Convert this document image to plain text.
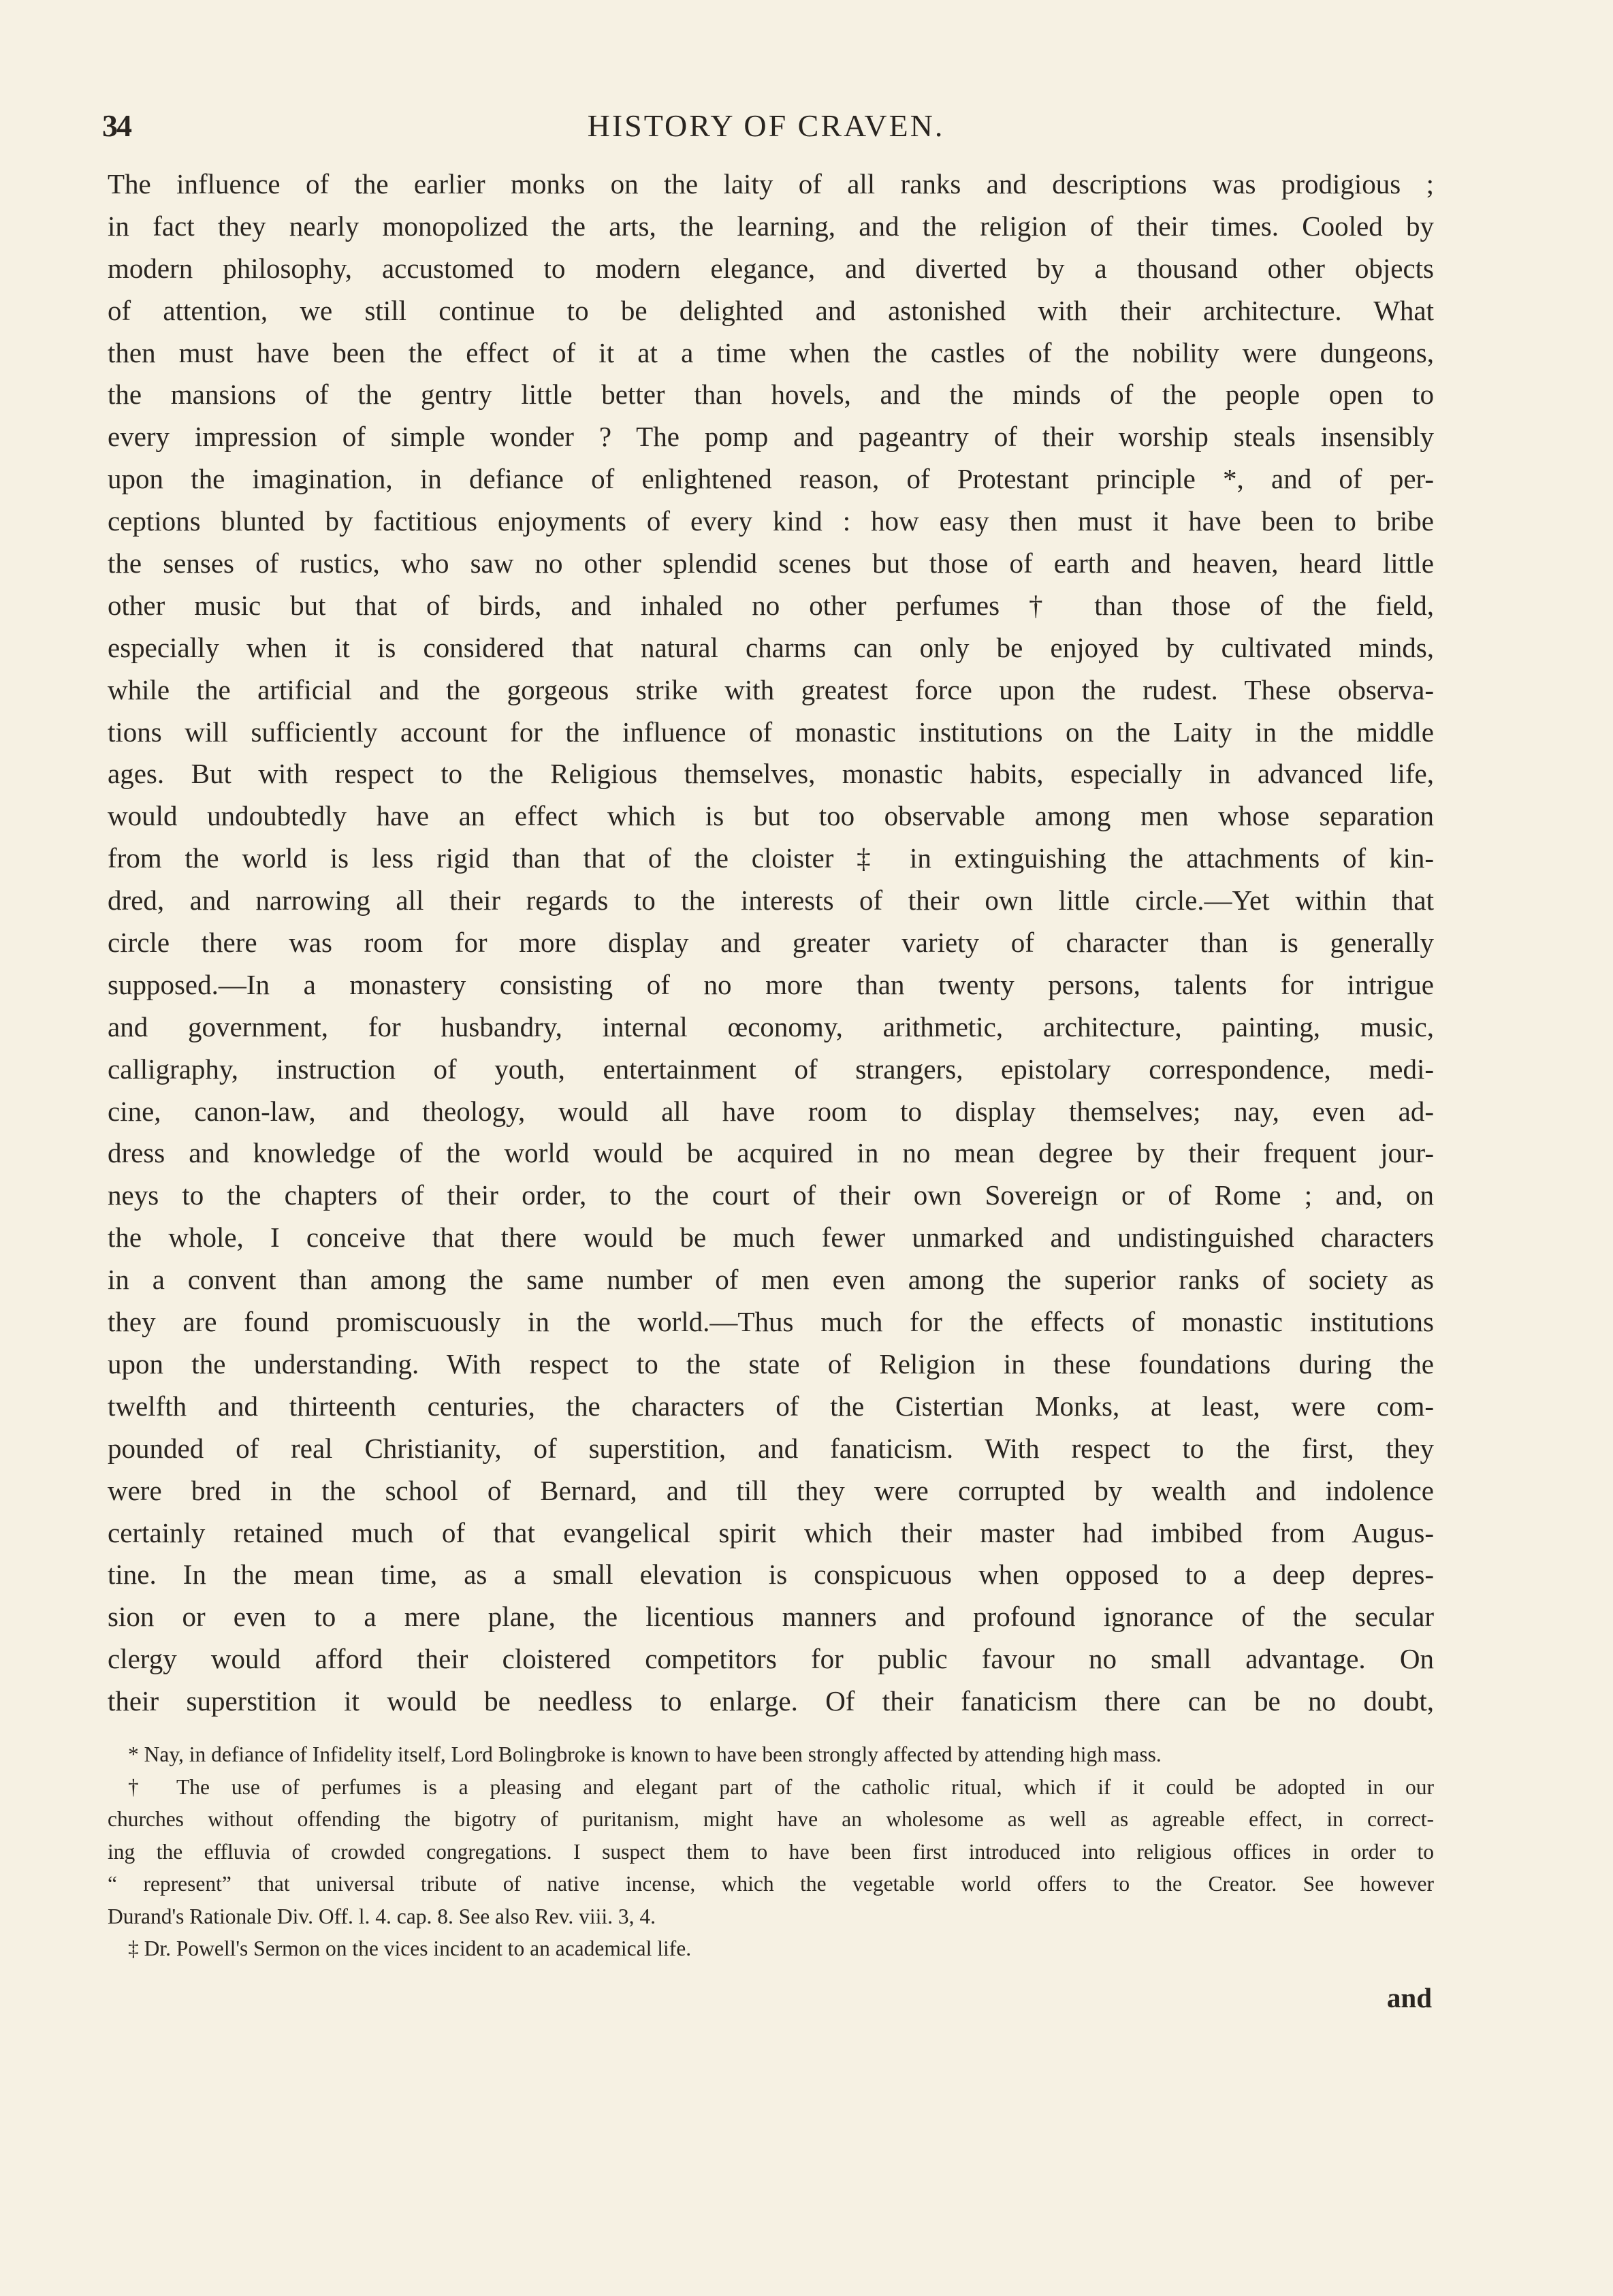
34	HISTORY OF CRAVEN.
The influence of the earlier monks on the laity of all ranks and descriptions was prodigious ;
in fact they nearly monopolized the arts, the learning, and the religion of their times. Cooled by
modern philosophy, accustomed to modern elegance, and diverted by a thousand other objects
of attention, we still continue to be delighted and astonished with their architecture. What
then must have been the effect of it at a time when the castles of the nobility were dungeons,
the mansions of the gentry little better than hovels, and the minds of the people open to
every impression of simple wonder ? The pomp and pageantry of their worship steals insensibly
upon the imagination, in defiance of enlightened reason, of Protestant principle *, and of per-
ceptions blunted by factitious enjoyments of every kind : how easy then must it have been to bribe
the senses of rustics, who saw no other splendid scenes but those of earth and heaven, heard little
other music but that of birds, and inhaled no other perfumes † than those of the field,
especially when it is considered that natural charms can only be enjoyed by cultivated minds,
while the artificial and the gorgeous strike with greatest force upon the rudest. These observa-
tions will sufficiently account for the influence of monastic institutions on the Laity in the middle
ages. But with respect to the Religious themselves, monastic habits, especially in advanced life,
would undoubtedly have an effect which is but too observable among men whose separation
from the world is less rigid than that of the cloister ‡ in extinguishing the attachments of kin-
dred, and narrowing all their regards to the interests of their own little circle.—Yet within that
circle there was room for more display and greater variety of character than is generally
supposed.—In a monastery consisting of no more than twenty persons, talents for intrigue
and government, for husbandry, internal œconomy, arithmetic, architecture, painting, music,
calligraphy, instruction of youth, entertainment of strangers, epistolary correspondence, medi-
cine, canon-law, and theology, would all have room to display themselves; nay, even ad-
dress and knowledge of the world would be acquired in no mean degree by their frequent jour-
neys to the chapters of their order, to the court of their own Sovereign or of Rome ; and, on
the whole, I conceive that there would be much fewer unmarked and undistinguished characters
in a convent than among the same number of men even among the superior ranks of society as
they are found promiscuously in the world.—Thus much for the effects of monastic institutions
upon the understanding. With respect to the state of Religion in these foundations during the
twelfth and thirteenth centuries, the characters of the Cistertian Monks, at least, were com-
pounded of real Christianity, of superstition, and fanaticism. With respect to the first, they
were bred in the school of Bernard, and till they were corrupted by wealth and indolence
certainly retained much of that evangelical spirit which their master had imbibed from Augus-
tine. In the mean time, as a small elevation is conspicuous when opposed to a deep depres-
sion or even to a mere plane, the licentious manners and profound ignorance of the secular
clergy would afford their cloistered competitors for public favour no small advantage. On
their superstition it would be needless to enlarge. Of their fanaticism there can be no doubt,
* Nay, in defiance of Infidelity itself, Lord Bolingbroke is known to have been strongly affected by attending high mass.
† The use of perfumes is a pleasing and elegant part of the catholic ritual, which if it could be adopted in our
churches without offending the bigotry of puritanism, might have an wholesome as well as agreable effect, in correct-
ing the effluvia of crowded congregations. I suspect them to have been first introduced into religious offices in order to
“ represent” that universal tribute of native incense, which the vegetable world offers to the Creator. See however
Durand's Rationale Div. Off. l. 4. cap. 8. See also Rev. viii. 3, 4.
‡ Dr. Powell's Sermon on the vices incident to an academical life.
and
